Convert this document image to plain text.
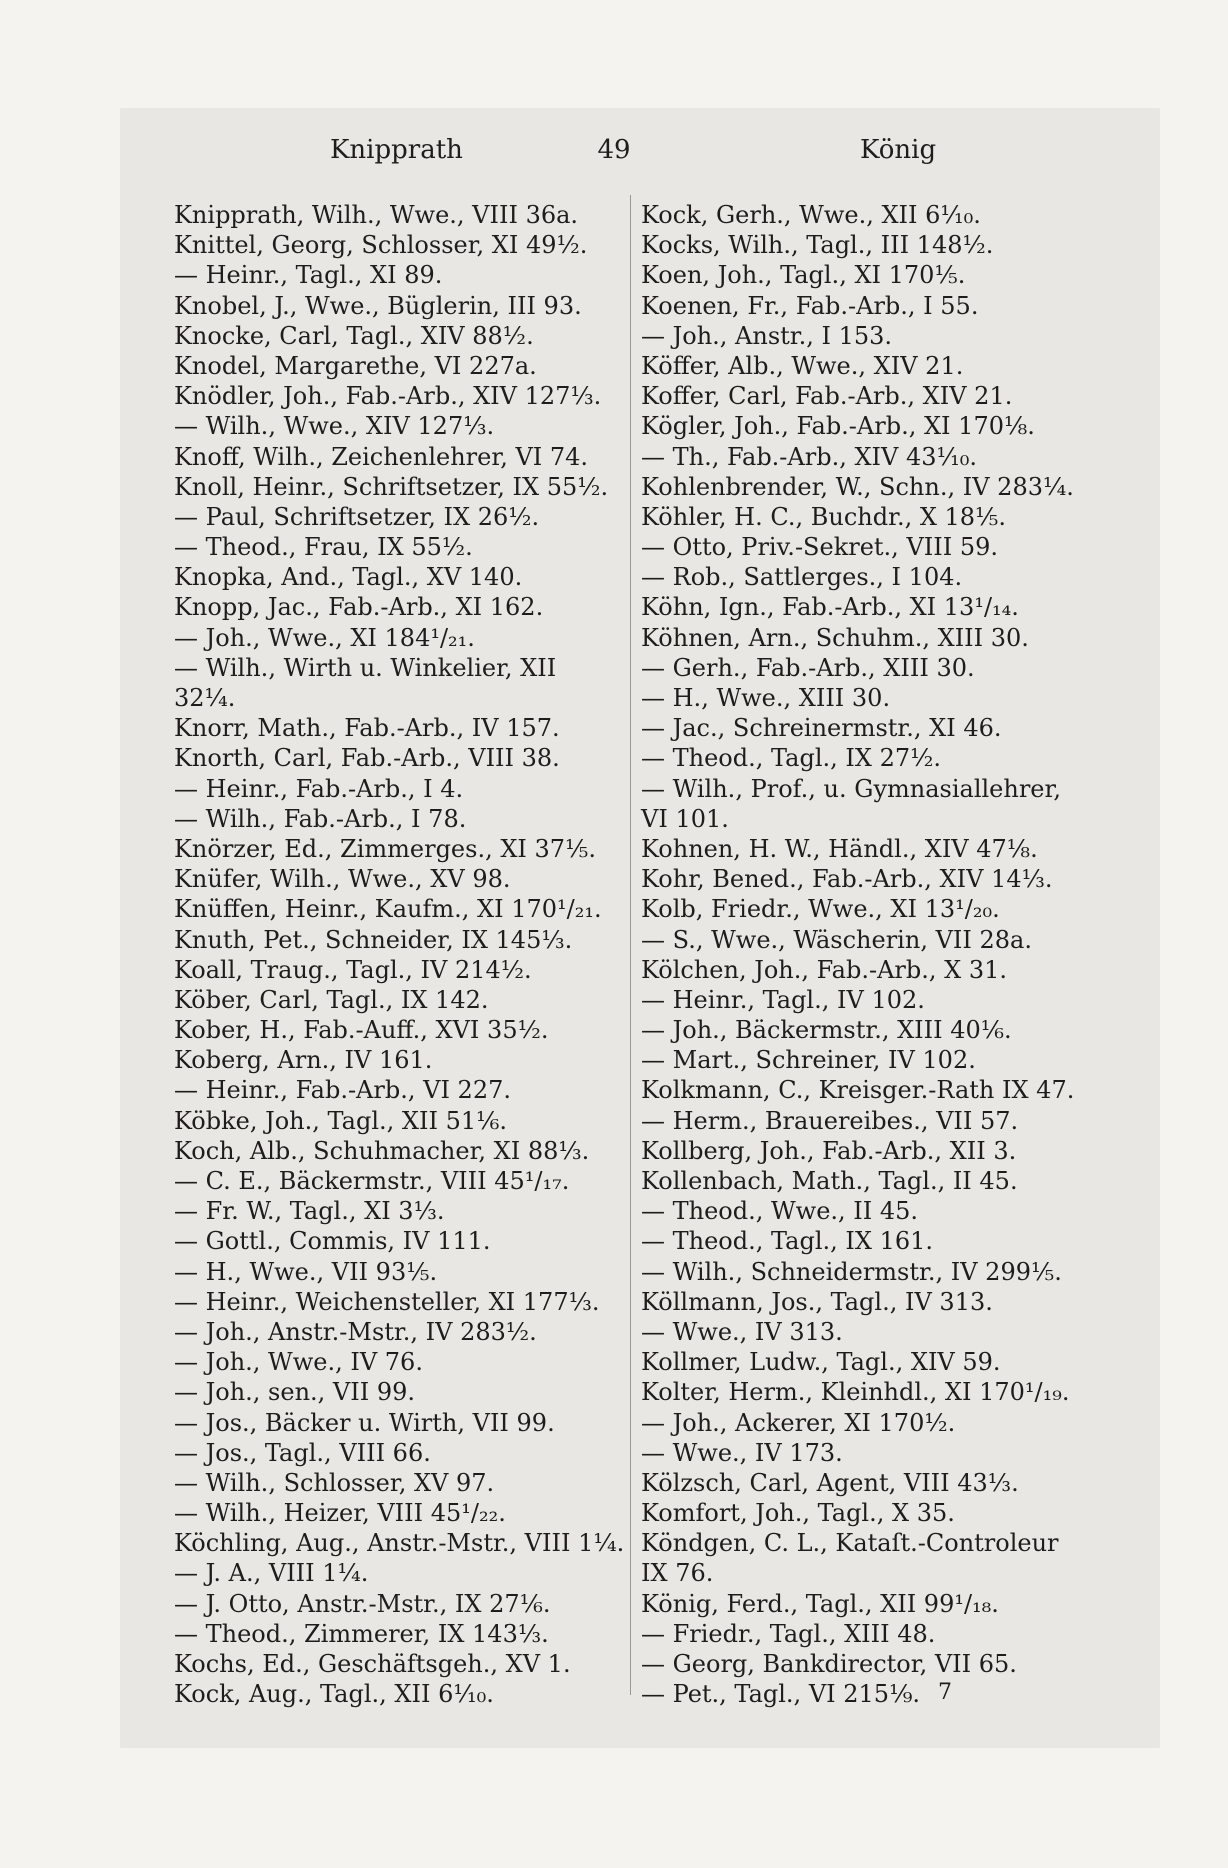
Knipprath	49	König
Knipprath, Wilh., Wwe., VIII 36a.
Knittel, Georg, Schlosser, XI 49½.
— Heinr., Tagl., XI 89.
Knobel, J., Wwe., Büglerin, III 93.
Knocke, Carl, Tagl., XIV 88½.
Knodel, Margarethe, VI 227a.
Knödler, Joh., Fab.-Arb., XIV 127⅓.
— Wilh., Wwe., XIV 127⅓.
Knoff, Wilh., Zeichenlehrer, VI 74.
Knoll, Heinr., Schriftsetzer, IX 55½.
— Paul, Schriftsetzer, IX 26½.
— Theod., Frau, IX 55½.
Knopka, And., Tagl., XV 140.
Knopp, Jac., Fab.-Arb., XI 162.
— Joh., Wwe., XI 184¹/₂₁.
— Wilh., Wirth u. Winkelier, XII
32¼.
Knorr, Math., Fab.-Arb., IV 157.
Knorth, Carl, Fab.-Arb., VIII 38.
— Heinr., Fab.-Arb., I 4.
— Wilh., Fab.-Arb., I 78.
Knörzer, Ed., Zimmerges., XI 37⅕.
Knüfer, Wilh., Wwe., XV 98.
Knüffen, Heinr., Kaufm., XI 170¹/₂₁.
Knuth, Pet., Schneider, IX 145⅓.
Koall, Traug., Tagl., IV 214½.
Köber, Carl, Tagl., IX 142.
Kober, H., Fab.-Auff., XVI 35½.
Koberg, Arn., IV 161.
— Heinr., Fab.-Arb., VI 227.
Köbke, Joh., Tagl., XII 51⅙.
Koch, Alb., Schuhmacher, XI 88⅓.
— C. E., Bäckermstr., VIII 45¹/₁₇.
— Fr. W., Tagl., XI 3⅓.
— Gottl., Commis, IV 111.
— H., Wwe., VII 93⅕.
— Heinr., Weichensteller, XI 177⅓.
— Joh., Anstr.-Mstr., IV 283½.
— Joh., Wwe., IV 76.
— Joh., sen., VII 99.
— Jos., Bäcker u. Wirth, VII 99.
— Jos., Tagl., VIII 66.
— Wilh., Schlosser, XV 97.
— Wilh., Heizer, VIII 45¹/₂₂.
Köchling, Aug., Anstr.-Mstr., VIII 1¼.
— J. A., VIII 1¼.
— J. Otto, Anstr.-Mstr., IX 27⅙.
— Theod., Zimmerer, IX 143⅓.
Kochs, Ed., Geschäftsgeh., XV 1.
Kock, Aug., Tagl., XII 6⅒.
Kock, Gerh., Wwe., XII 6⅒.
Kocks, Wilh., Tagl., III 148½.
Koen, Joh., Tagl., XI 170⅕.
Koenen, Fr., Fab.-Arb., I 55.
— Joh., Anstr., I 153.
Köffer, Alb., Wwe., XIV 21.
Koffer, Carl, Fab.-Arb., XIV 21.
Kögler, Joh., Fab.-Arb., XI 170⅛.
— Th., Fab.-Arb., XIV 43⅒.
Kohlenbrender, W., Schn., IV 283¼.
Köhler, H. C., Buchdr., X 18⅕.
— Otto, Priv.-Sekret., VIII 59.
— Rob., Sattlerges., I 104.
Köhn, Ign., Fab.-Arb., XI 13¹/₁₄.
Köhnen, Arn., Schuhm., XIII 30.
— Gerh., Fab.-Arb., XIII 30.
— H., Wwe., XIII 30.
— Jac., Schreinermstr., XI 46.
— Theod., Tagl., IX 27½.
— Wilh., Prof., u. Gymnasiallehrer,
VI 101.
Kohnen, H. W., Händl., XIV 47⅛.
Kohr, Bened., Fab.-Arb., XIV 14⅓.
Kolb, Friedr., Wwe., XI 13¹/₂₀.
— S., Wwe., Wäscherin, VII 28a.
Kölchen, Joh., Fab.-Arb., X 31.
— Heinr., Tagl., IV 102.
— Joh., Bäckermstr., XIII 40⅙.
— Mart., Schreiner, IV 102.
Kolkmann, C., Kreisger.-Rath IX 47.
— Herm., Brauereibes., VII 57.
Kollberg, Joh., Fab.-Arb., XII 3.
Kollenbach, Math., Tagl., II 45.
— Theod., Wwe., II 45.
— Theod., Tagl., IX 161.
— Wilh., Schneidermstr., IV 299⅕.
Köllmann, Jos., Tagl., IV 313.
— Wwe., IV 313.
Kollmer, Ludw., Tagl., XIV 59.
Kolter, Herm., Kleinhdl., XI 170¹/₁₉.
— Joh., Ackerer, XI 170½.
— Wwe., IV 173.
Kölzsch, Carl, Agent, VIII 43⅓.
Komfort, Joh., Tagl., X 35.
Köndgen, C. L., Kataſt.-Controleur
IX 76.
König, Ferd., Tagl., XII 99¹/₁₈.
— Friedr., Tagl., XIII 48.
— Georg, Bankdirector, VII 65.
— Pet., Tagl., VI 215⅑. 7
